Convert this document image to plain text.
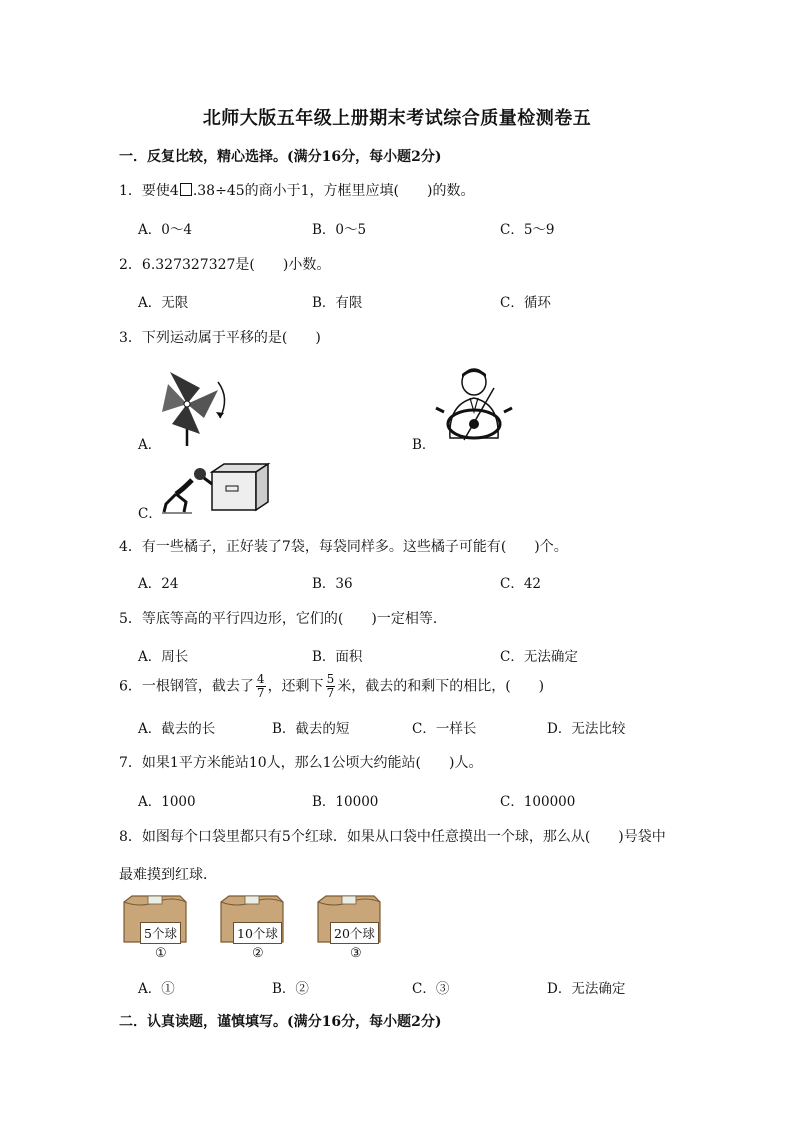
北师大版五年级上册期末考试综合质量检测卷五
一．反复比较，精心选择。(满分16分，每小题2分)
1．要使4 .38÷45的商小于1，方框里应填(　　)的数。
A．0～4	B．0～5	C．5～9
2．6.327327327是(　　)小数。
A．无限	B．有限	C．循环
3．下列运动属于平移的是(　　)
A．	B．
C．
4．有一些橘子，正好装了7袋，每袋同样多。这些橘子可能有(　　)个。
A．24	B．36	C．42
5．等底等高的平行四边形，它们的(　　)一定相等．
A．周长	B．面积	C．无法确定
6．一根钢管，截去了 $\frac{4}{7}$ ，还剩下 $\frac{5}{7}$ 米，截去的和剩下的相比，(　　)
A．截去的长	B．截去的短	C．一样长	D．无法比较
7．如果1平方米能站10人，那么1公顷大约能站(　　)人。
A．1000	B．10000	C．100000
8．如图每个口袋里都只有5个红球．如果从口袋中任意摸出一个球，那么从(　　)号袋中
最难摸到红球．
5个球
①
10个球
②
20个球
③
A．①	B．②	C．③	D．无法确定
二．认真读题，谨慎填写。(满分16分，每小题2分)
